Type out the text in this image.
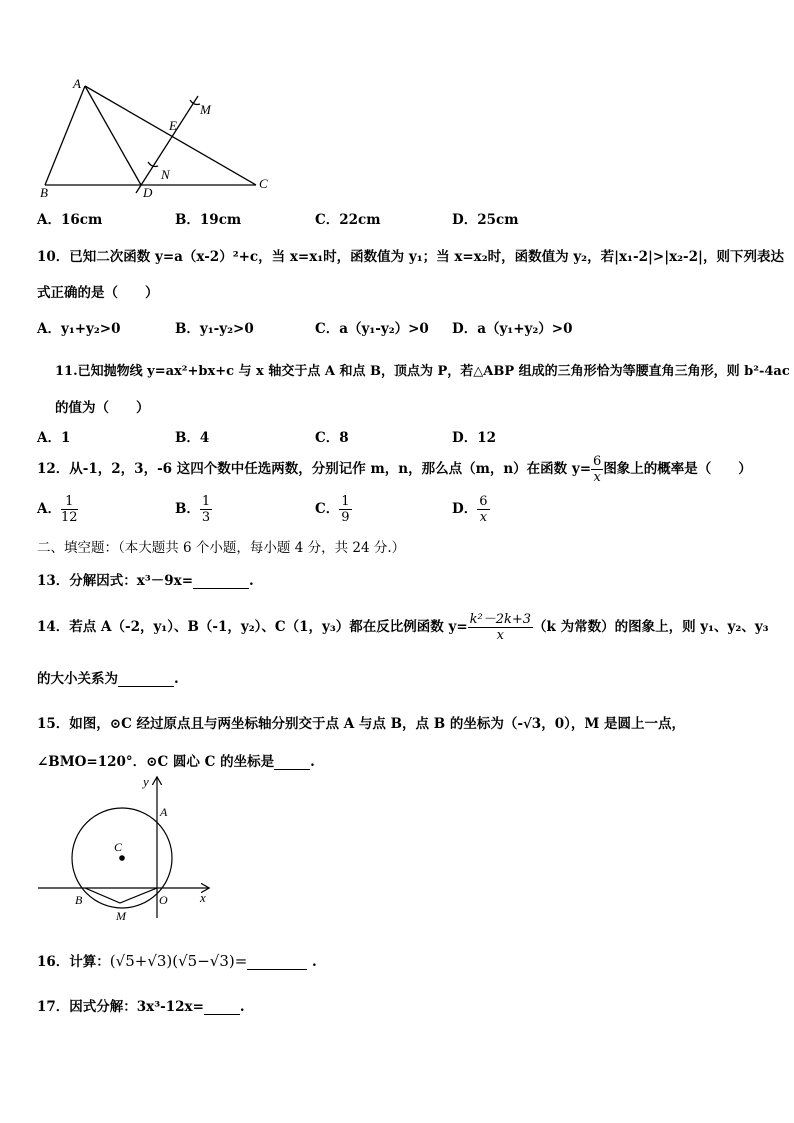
A
M
E
N
B	D
C
A．16cm	B．19cm	C．22cm	D．25cm
10．已知二次函数 y=a（x-2）²+c，当 x=x₁时，函数值为 y₁；当 x=x₂时，函数值为 y₂，若|x₁-2|>|x₂-2|，则下列表达
式正确的是（　　）
A．y₁+y₂>0	B．y₁-y₂>0	C．a（y₁-y₂）>0 D．a（y₁+y₂）>0
11.已知抛物线 y=ax²+bx+c 与 x 轴交于点 A 和点 B，顶点为 P，若△ABP 组成的三角形恰为等腰直角三角形，则 b²-4ac
的值为（　　）
A．1	B．4	C．8	D．12
12．从-1，2，3，-6 这四个数中任选两数，分别记作 m，n，那么点（m，n）在函数 $y= \frac{6}{x}$ 图象上的概率是（　　）
A． $\frac{1}{12}$	B． $\frac{1}{3}$	C． $\frac{1}{9}$	D． $\frac{6}{x}$
二、填空题：（本大题共 6 个小题，每小题 4 分，共 24 分.）
13．分解因式：x³－9x=	.
14．若点 A（-2，y₁）、B（-1，y₂）、C（1，y₃）都在反比例函数 $y= \frac{\text{k²－2k+3}}{x} (k$ 为常数）的图象上，则 y₁、y₂、y₃
的大小关系为	.
15．如图，⊙C 经过原点且与两坐标轴分别交于点 A 与点 B，点 B 的坐标为（-√3，0），M 是圆上一点，
∠BMO=120°．⊙C 圆心 C 的坐标是	.
y
A
C
B
M
O x
16．计算：(√5+√3)(√5−√3)=	.
17．因式分解：3x³-12x=	.
